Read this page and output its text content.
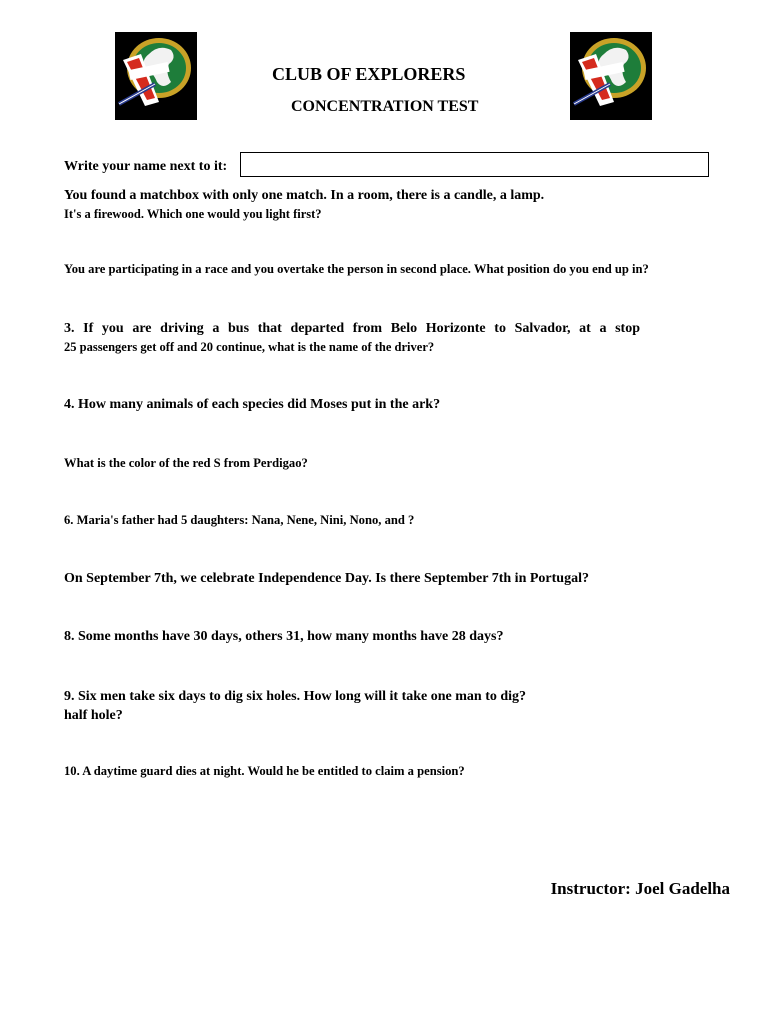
CLUB OF EXPLORERS
CONCENTRATION TEST
Write your name next to it:
You found a matchbox with only one match. In a room, there is a candle, a lamp.
It's a firewood. Which one would you light first?
You are participating in a race and you overtake the person in second place. What position do you end up in?
3. If you are driving a bus that departed from Belo Horizonte to Salvador, at a stop
25 passengers get off and 20 continue, what is the name of the driver?
4. How many animals of each species did Moses put in the ark?
What is the color of the red S from Perdigao?
6. Maria's father had 5 daughters: Nana, Nene, Nini, Nono, and ?
On September 7th, we celebrate Independence Day. Is there September 7th in Portugal?
8. Some months have 30 days, others 31, how many months have 28 days?
9. Six men take six days to dig six holes. How long will it take one man to dig?
half hole?
10. A daytime guard dies at night. Would he be entitled to claim a pension?
Instructor: Joel Gadelha
